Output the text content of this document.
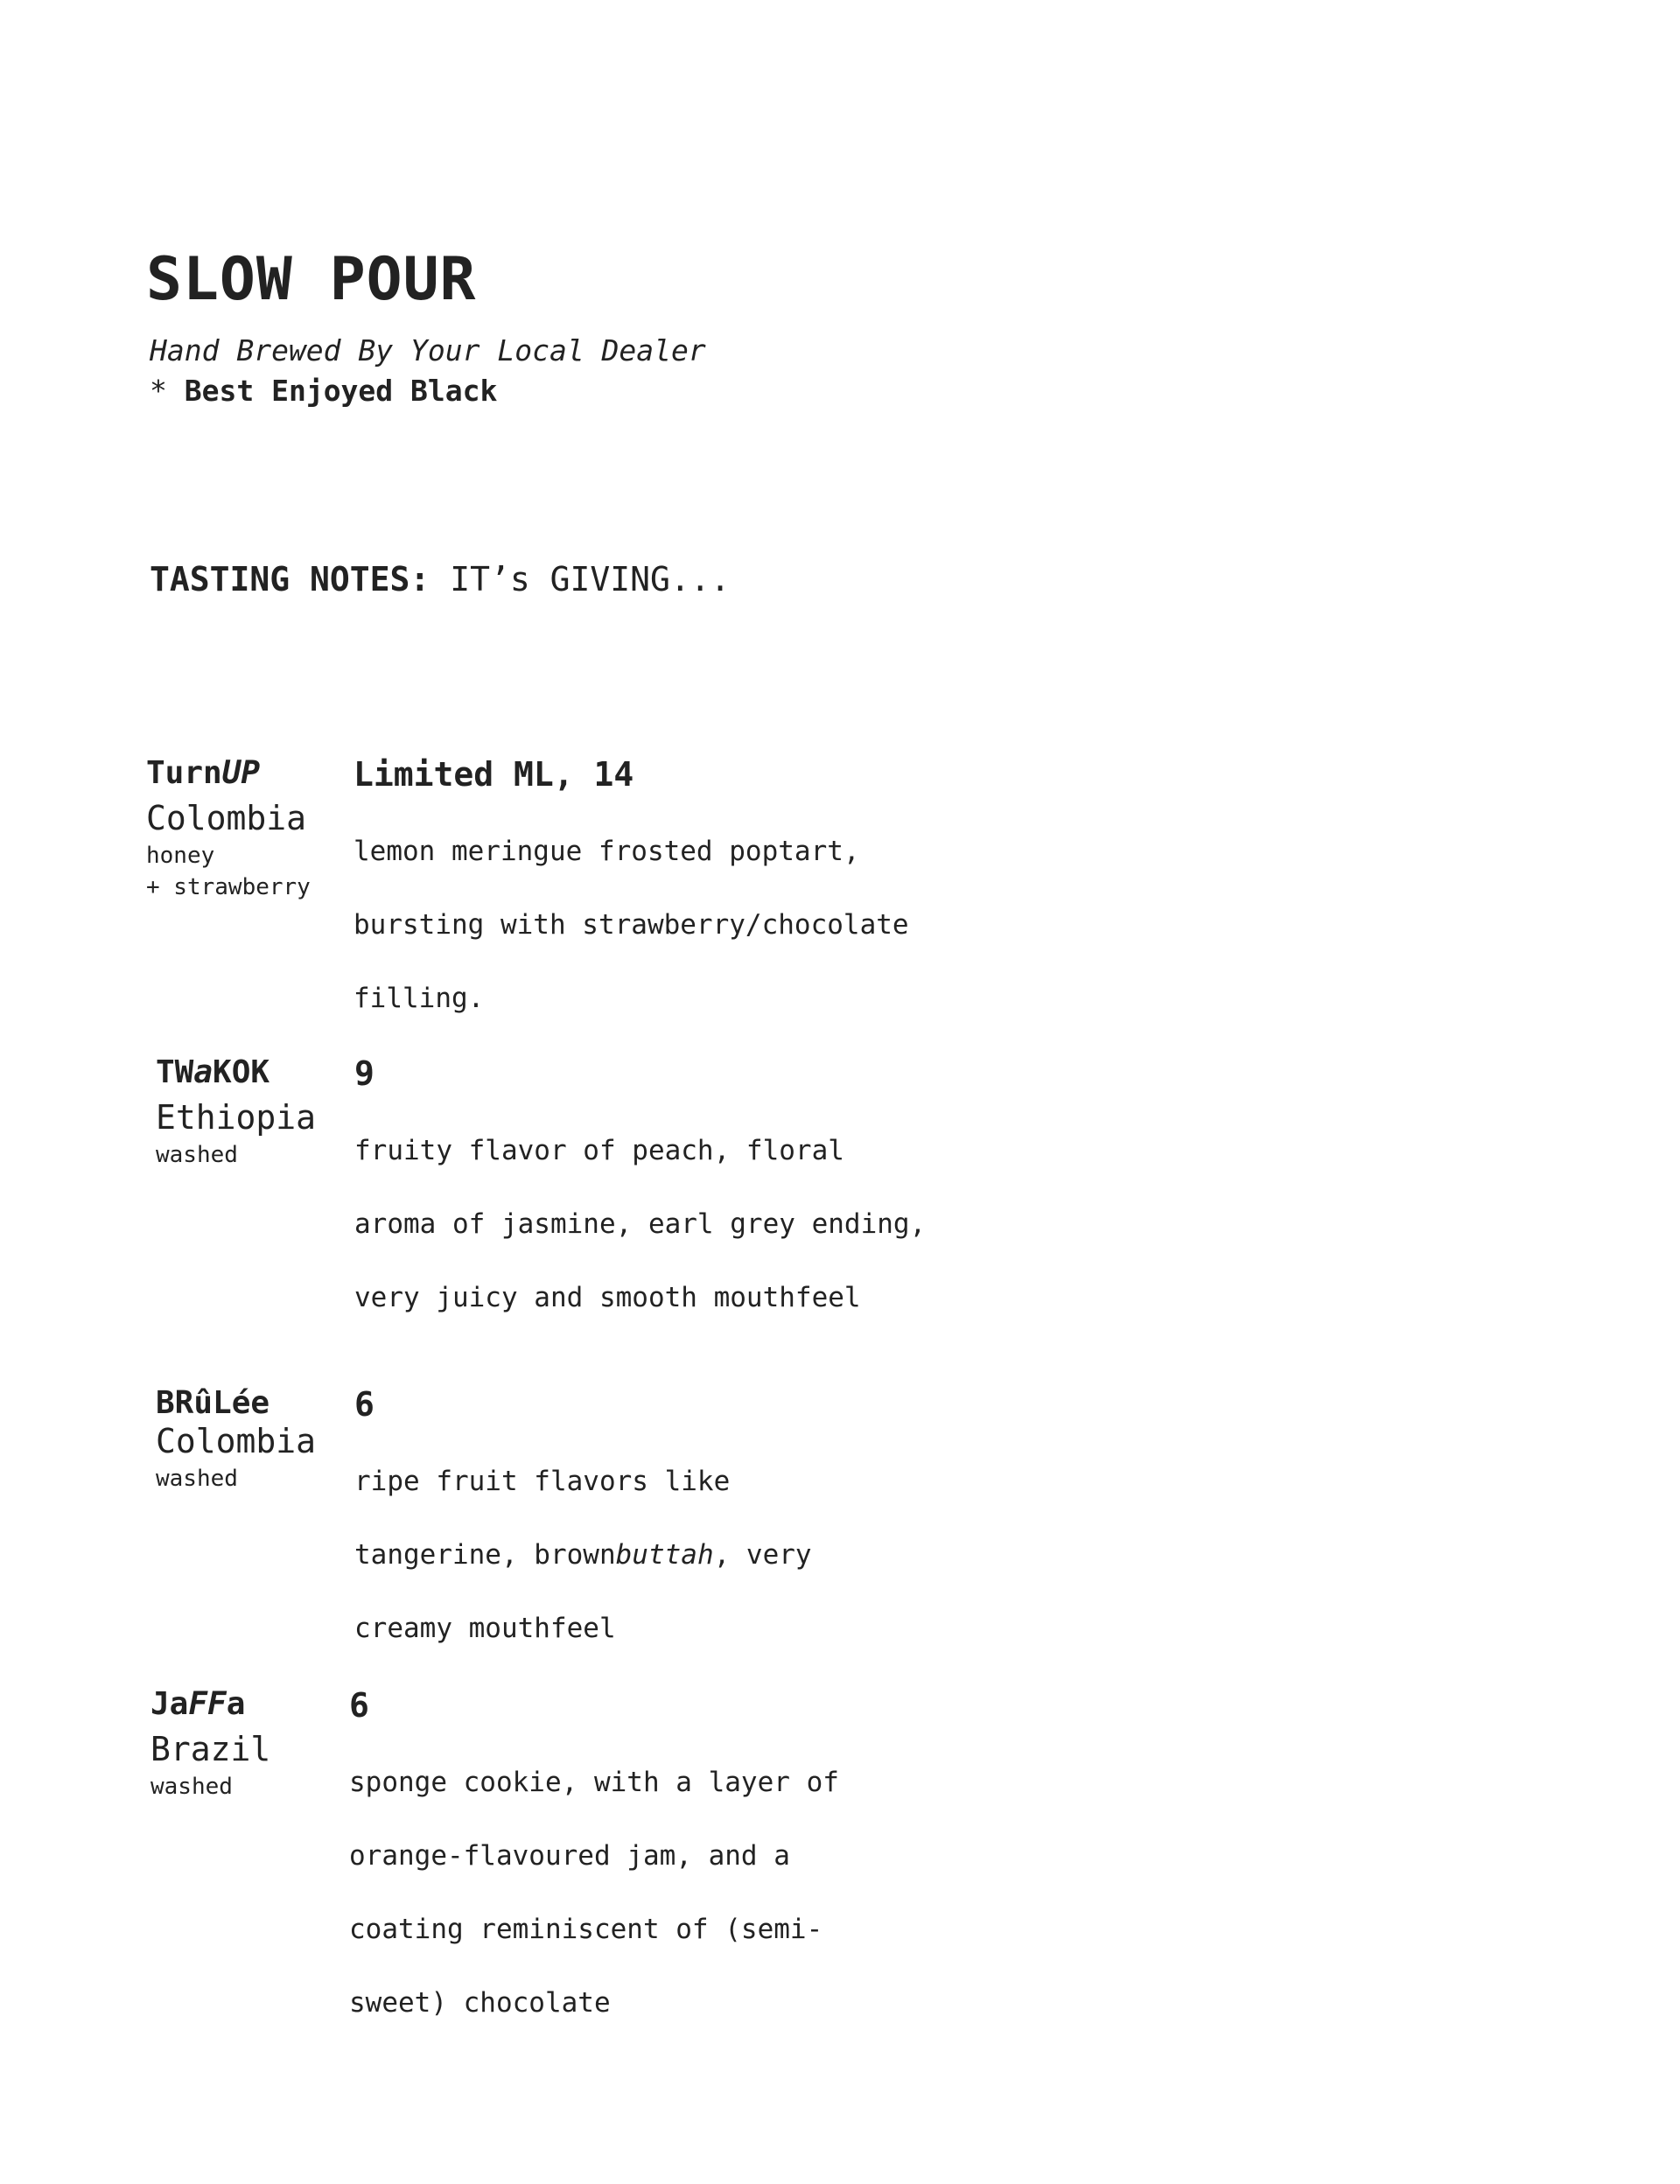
SLOW POUR
Hand Brewed By Your Local Dealer
* Best Enjoyed Black
TASTING NOTES: IT’s GIVING...
TurnUP
Colombia
honey
+ strawberry
Limited ML, 14

lemon meringue frosted poptart,

bursting with strawberry/chocolate

filling.

TWaKOK
Ethiopia
washed
9

fruity flavor of peach, floral

aroma of jasmine, earl grey ending,

very juicy and smooth mouthfeel

BRûLée
Colombia
washed
6

ripe fruit flavors like

tangerine, brownbuttah, very

creamy mouthfeel

JaFFa
Brazil
washed
6

sponge cookie, with a layer of

orange-flavoured jam, and a

coating reminiscent of (semi-

sweet) chocolate
